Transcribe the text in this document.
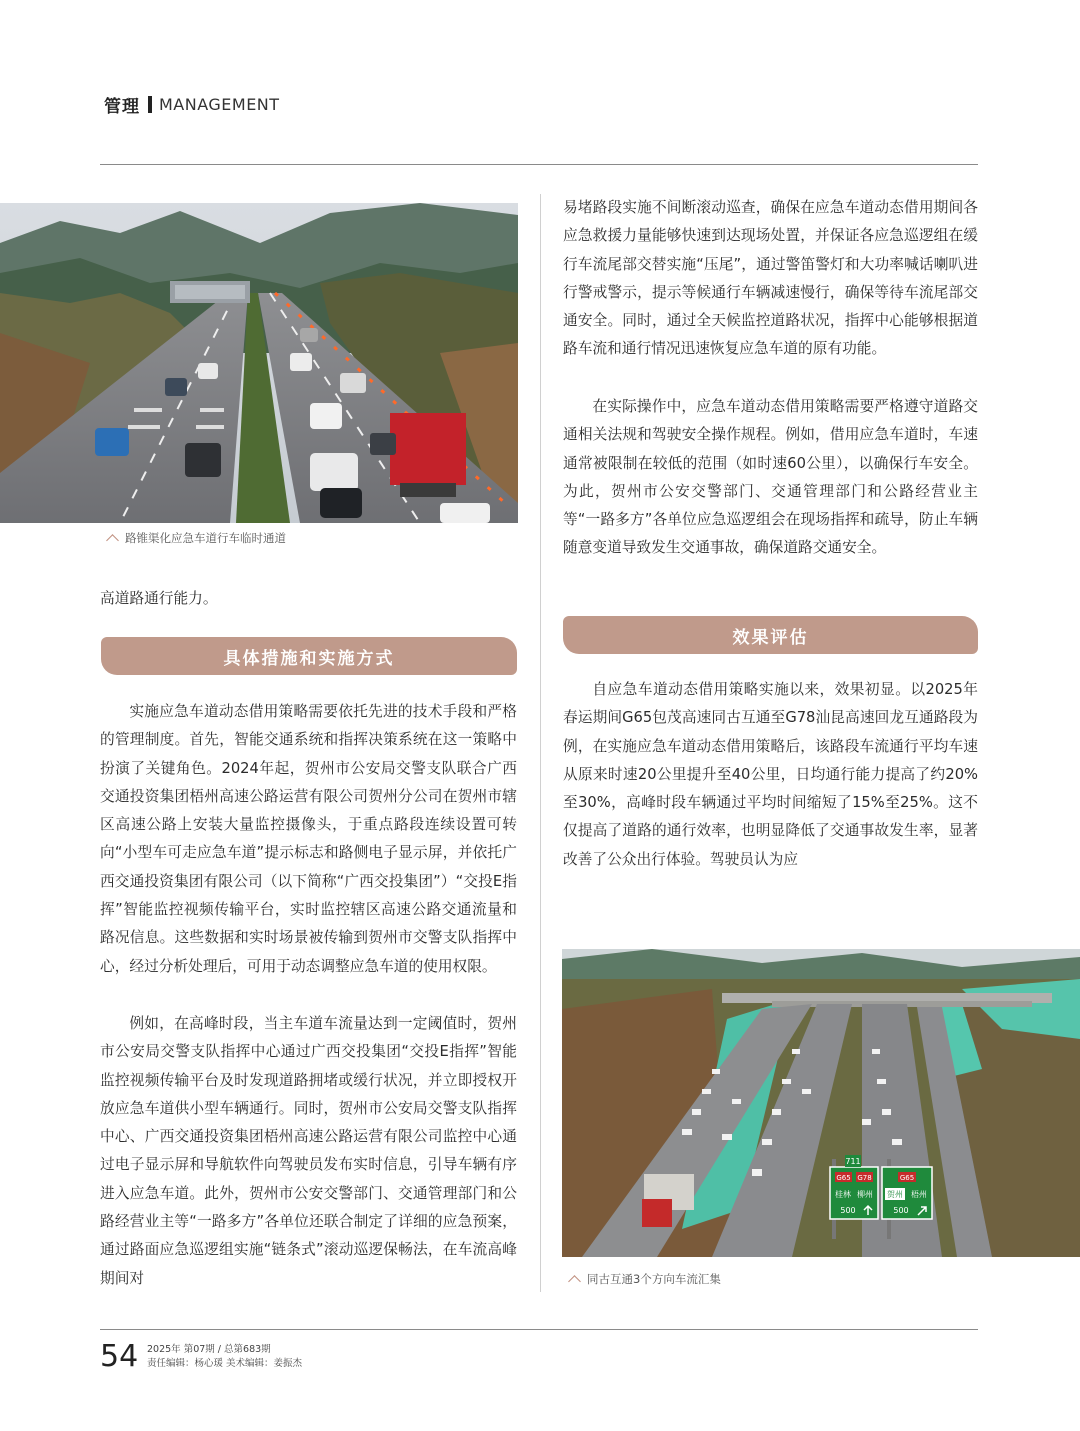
管理 MANAGEMENT
路锥渠化应急车道行车临时通道

高道路通行能力。

具体措施和实施方式

实施应急车道动态借用策略需要依托先进的技术手段和严格的管理制度。首先，智能交通系统和指挥决策系统在这一策略中扮演了关键角色。2024年起，贺州市公安局交警支队联合广西交通投资集团梧州高速公路运营有限公司贺州分公司在贺州市辖区高速公路上安装大量监控摄像头，于重点路段连续设置可转向“小型车可走应急车道”提示标志和路侧电子显示屏，并依托广西交通投资集团有限公司（以下简称“广西交投集团”）“交投E指挥”智能监控视频传输平台，实时监控辖区高速公路交通流量和路况信息。这些数据和实时场景被传输到贺州市交警支队指挥中心，经过分析处理后，可用于动态调整应急车道的使用权限。

例如，在高峰时段，当主车道车流量达到一定阈值时，贺州市公安局交警支队指挥中心通过广西交投集团“交投E指挥”智能监控视频传输平台及时发现道路拥堵或缓行状况，并立即授权开放应急车道供小型车辆通行。同时，贺州市公安局交警支队指挥中心、广西交通投资集团梧州高速公路运营有限公司监控中心通过电子显示屏和导航软件向驾驶员发布实时信息，引导车辆有序进入应急车道。此外，贺州市公安交警部门、交通管理部门和公路经营业主等“一路多方”各单位还联合制定了详细的应急预案，通过路面应急巡逻组实施“链条式”滚动巡逻保畅法，在车流高峰期间对

易堵路段实施不间断滚动巡查，确保在应急车道动态借用期间各应急救援力量能够快速到达现场处置，并保证各应急巡逻组在缓行车流尾部交替实施“压尾”，通过警笛警灯和大功率喊话喇叭进行警戒警示，提示等候通行车辆减速慢行，确保等待车流尾部交通安全。同时，通过全天候监控道路状况，指挥中心能够根据道路车流和通行情况迅速恢复应急车道的原有功能。

在实际操作中，应急车道动态借用策略需要严格遵守道路交通相关法规和驾驶安全操作规程。例如，借用应急车道时，车速通常被限制在较低的范围（如时速60公里），以确保行车安全。为此，贺州市公安交警部门、交通管理部门和公路经营业主等“一路多方”各单位应急巡逻组会在现场指挥和疏导，防止车辆随意变道导致发生交通事故，确保道路交通安全。

效果评估

自应急车道动态借用策略实施以来，效果初显。以2025年春运期间G65包茂高速同古互通至G78汕昆高速回龙互通路段为例，在实施应急车道动态借用策略后，该路段车流通行平均车速从原来时速20公里提升至40公里，日均通行能力提高了约20%至30%，高峰时段车辆通过平均时间缩短了15%至25%。这不仅提高了道路的通行效率，也明显降低了交通事故发生率，显著改善了公众出行体验。驾驶员认为应

711
G65 G78
桂林 柳州
500
G65
贺州 梧州
500
同古互通3个方向车流汇集
54 2025年 第07期 / 总第683期
责任编辑：杨心瑗 美术编辑：姜振杰
